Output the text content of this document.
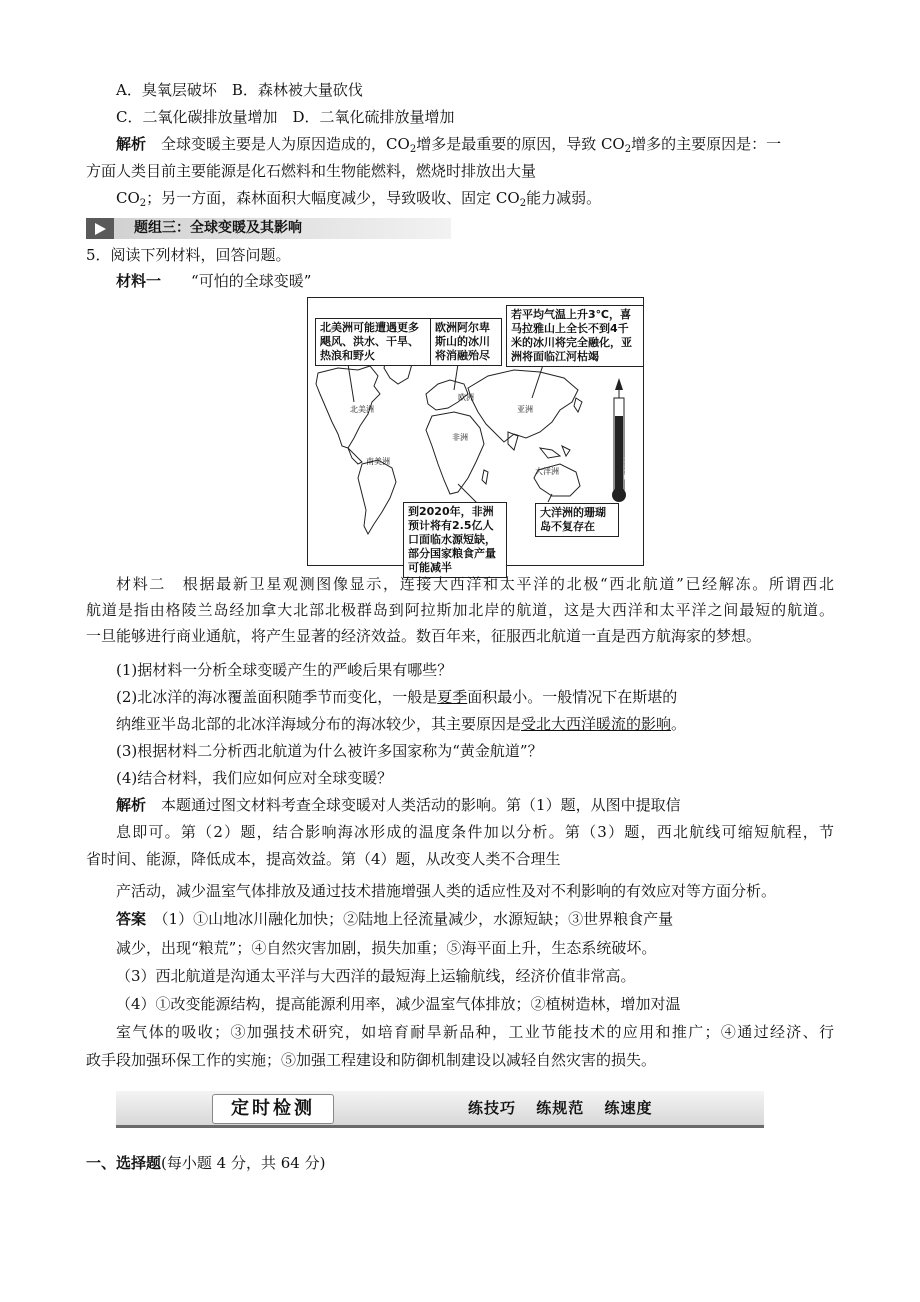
A．臭氧层破坏　 B．森林被大量砍伐
C．二氧化碳排放量增加　 D．二氧化硫排放量增加
解析　 全球变暖主要是人为原因造成的，$CO_2$增多是最重要的原因，导致 $CO_2$增多的主要原因是：一
方面人类目前主要能源是化石燃料和生物能燃料，燃烧时排放出大量
$CO_2$；另一方面，森林面积大幅度减少，导致吸收、固定 $CO_2$能力减弱。
题组三：全球变暖及其影响
5．阅读下列材料，回答问题。
材料一　　 “可怕的全球变暖”
北美洲可能遭遇更多飓风、洪水、干旱、热浪和野火
欧洲阿尔卑斯山的冰川将消融殆尽
若平均气温上升3℃，喜马拉雅山上全长不到4千米的冰川将完全融化，亚洲将面临江河枯竭
到2020年，非洲预计将有2.5亿人口面临水源短缺，部分国家粮食产量可能减半
大洋洲的珊瑚岛不复存在
北美洲
欧洲
亚洲
非洲
南美洲
大洋洲	全球变暖
材料二　根据最新卫星观测图像显示，连接大西洋和太平洋的北极“西北航道”已经解冻。所谓西北
航道是指由格陵兰岛经加拿大北部北极群岛到阿拉斯加北岸的航道，这是大西洋和太平洋之间最短的航道。
一旦能够进行商业通航，将产生显著的经济效益。数百年来，征服西北航道一直是西方航海家的梦想。
(1)据材料一分析全球变暖产生的严峻后果有哪些？
(2)北冰洋的海冰覆盖面积随季节而变化，一般是夏季面积最小。一般情况下在斯堪的
纳维亚半岛北部的北冰洋海域分布的海冰较少，其主要原因是受北大西洋暖流的影响。
(3)根据材料二分析西北航道为什么被许多国家称为“黄金航道”？
(4)结合材料，我们应如何应对全球变暖？
解析　 本题通过图文材料考查全球变暖对人类活动的影响。第（1）题，从图中提取信
息即可。第（2）题，结合影响海冰形成的温度条件加以分析。第（3）题，西北航线可缩短航程，节
省时间、能源，降低成本，提高效益。第（4）题，从改变人类不合理生
产活动，减少温室气体排放及通过技术措施增强人类的适应性及对不利影响的有效应对等方面分析。
答案　 （1）①山地冰川融化加快；②陆地上径流量减少，水源短缺；③世界粮食产量
减少，出现“粮荒”；④自然灾害加剧，损失加重；⑤海平面上升，生态系统破坏。
（3）西北航道是沟通太平洋与大西洋的最短海上运输航线，经济价值非常高。
（4）①改变能源结构，提高能源利用率，减少温室气体排放；②植树造林，增加对温
室气体的吸收；③加强技术研究，如培育耐旱新品种，工业节能技术的应用和推广；④通过经济、行
政手段加强环保工作的实施；⑤加强工程建设和防御机制建设以减轻自然灾害的损失。
定时检测	练技巧 练规范 练速度
一、选择题(每小题 4 分，共 64 分)
